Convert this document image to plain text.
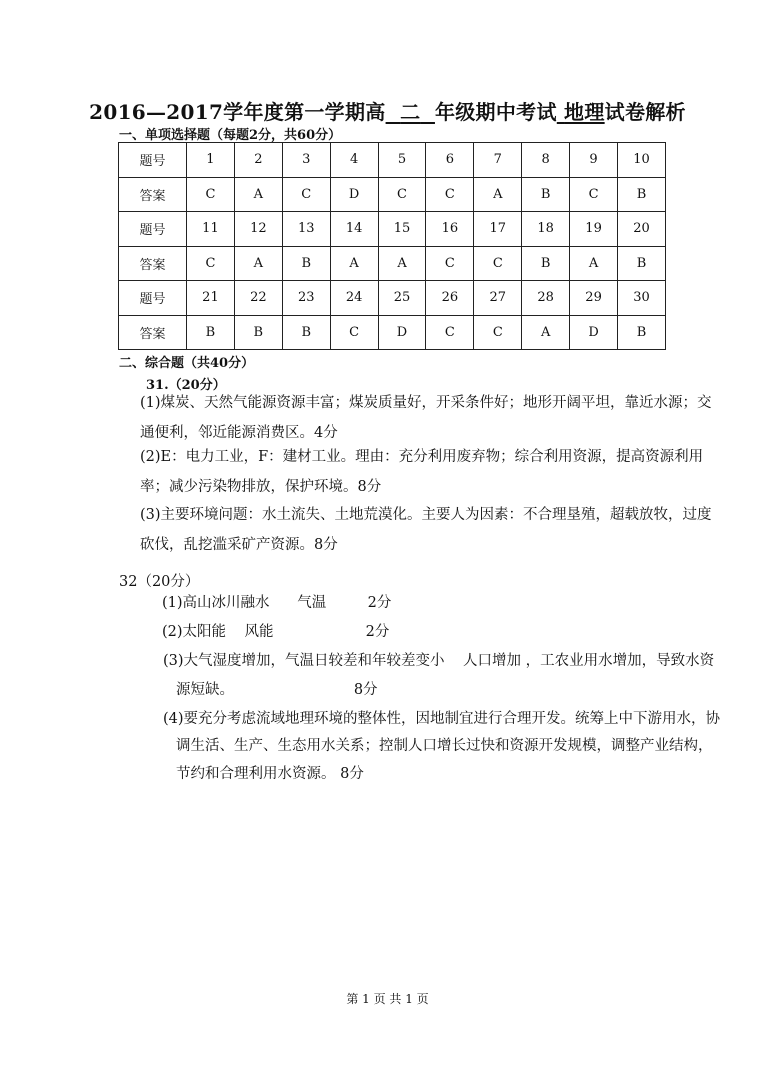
2016—2017学年度第一学期高 二 年级期中考试 地理试卷解析
一、单项选择题（每题2分，共60分）
题号	1	2	3	4	5	6	7	8	9	10
答案	C	A	C	D	C	C	A	B	C	B
题号	11	12	13	14	15	16	17	18	19	20
答案	C	A	B	A	A	C	C	B	A	B
题号	21	22	23	24	25	26	27	28	29	30
答案	B	B	B	C	D	C	C	A	D	B
二、综合题（共40分）
31.（20分）
(1)煤炭、天然气能源资源丰富；煤炭质量好，开采条件好；地形开阔平坦，靠近水源；交通便利，邻近能源消费区。4分
(2)E：电力工业，F：建材工业。理由：充分利用废弃物；综合利用资源，提高资源利用率；减少污染物排放，保护环境。8分
(3)主要环境问题：水土流失、土地荒漠化。主要人为因素：不合理垦殖，超载放牧，过度砍伐，乱挖滥采矿产资源。8分
32（20分）
(1)高山冰川融水      气温         2分
(2)太阳能    风能                    2分
(3)大气湿度增加，气温日较差和年较差变小    人口增加 ，工农业用水增加，导致水资
源短缺。                          8分
(4)要充分考虑流域地理环境的整体性，因地制宜进行合理开发。统筹上中下游用水，协
调生活、生产、生态用水关系；控制人口增长过快和资源开发规模，调整产业结构，
节约和合理利用水资源。 8分
第 1 页 共 1 页
